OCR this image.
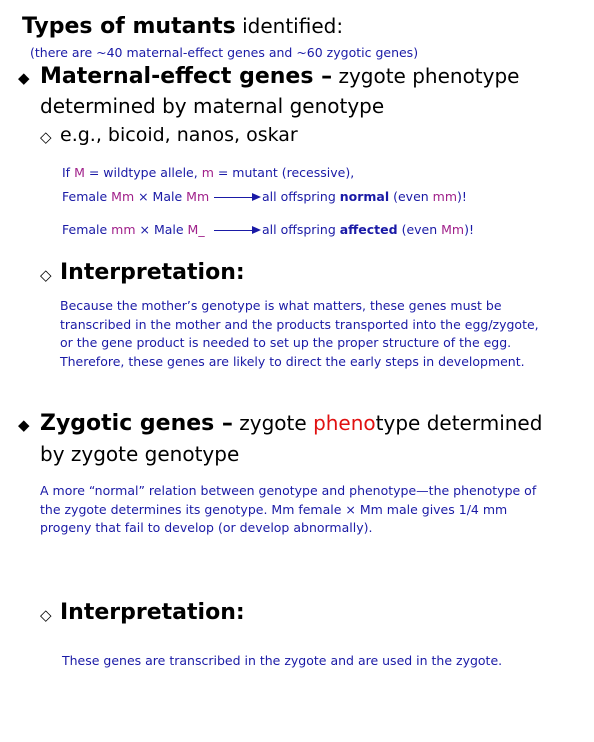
Types of mutants identified:
(there are ~40 maternal-effect genes and ~60 zygotic genes)
◆ Maternal-effect genes – zygote phenotype
determined by maternal genotype
◇ e.g., bicoid, nanos, oskar
If M = wildtype allele, m = mutant (recessive),
Female Mm × Male Mm	all offspring normal (even mm)!
Female mm × Male M_	all offspring affected (even Mm)!
◇ Interpretation:
Because the mother’s genotype is what matters, these genes must be
transcribed in the mother and the products transported into the egg/zygote,
or the gene product is needed to set up the proper structure of the egg.
Therefore, these genes are likely to direct the early steps in development.
◆ Zygotic genes – zygote phenotype determined
by zygote genotype
A more “normal” relation between genotype and phenotype—the phenotype of
the zygote determines its genotype. Mm female × Mm male gives 1/4 mm
progeny that fail to develop (or develop abnormally).
◇ Interpretation:
These genes are transcribed in the zygote and are used in the zygote.
